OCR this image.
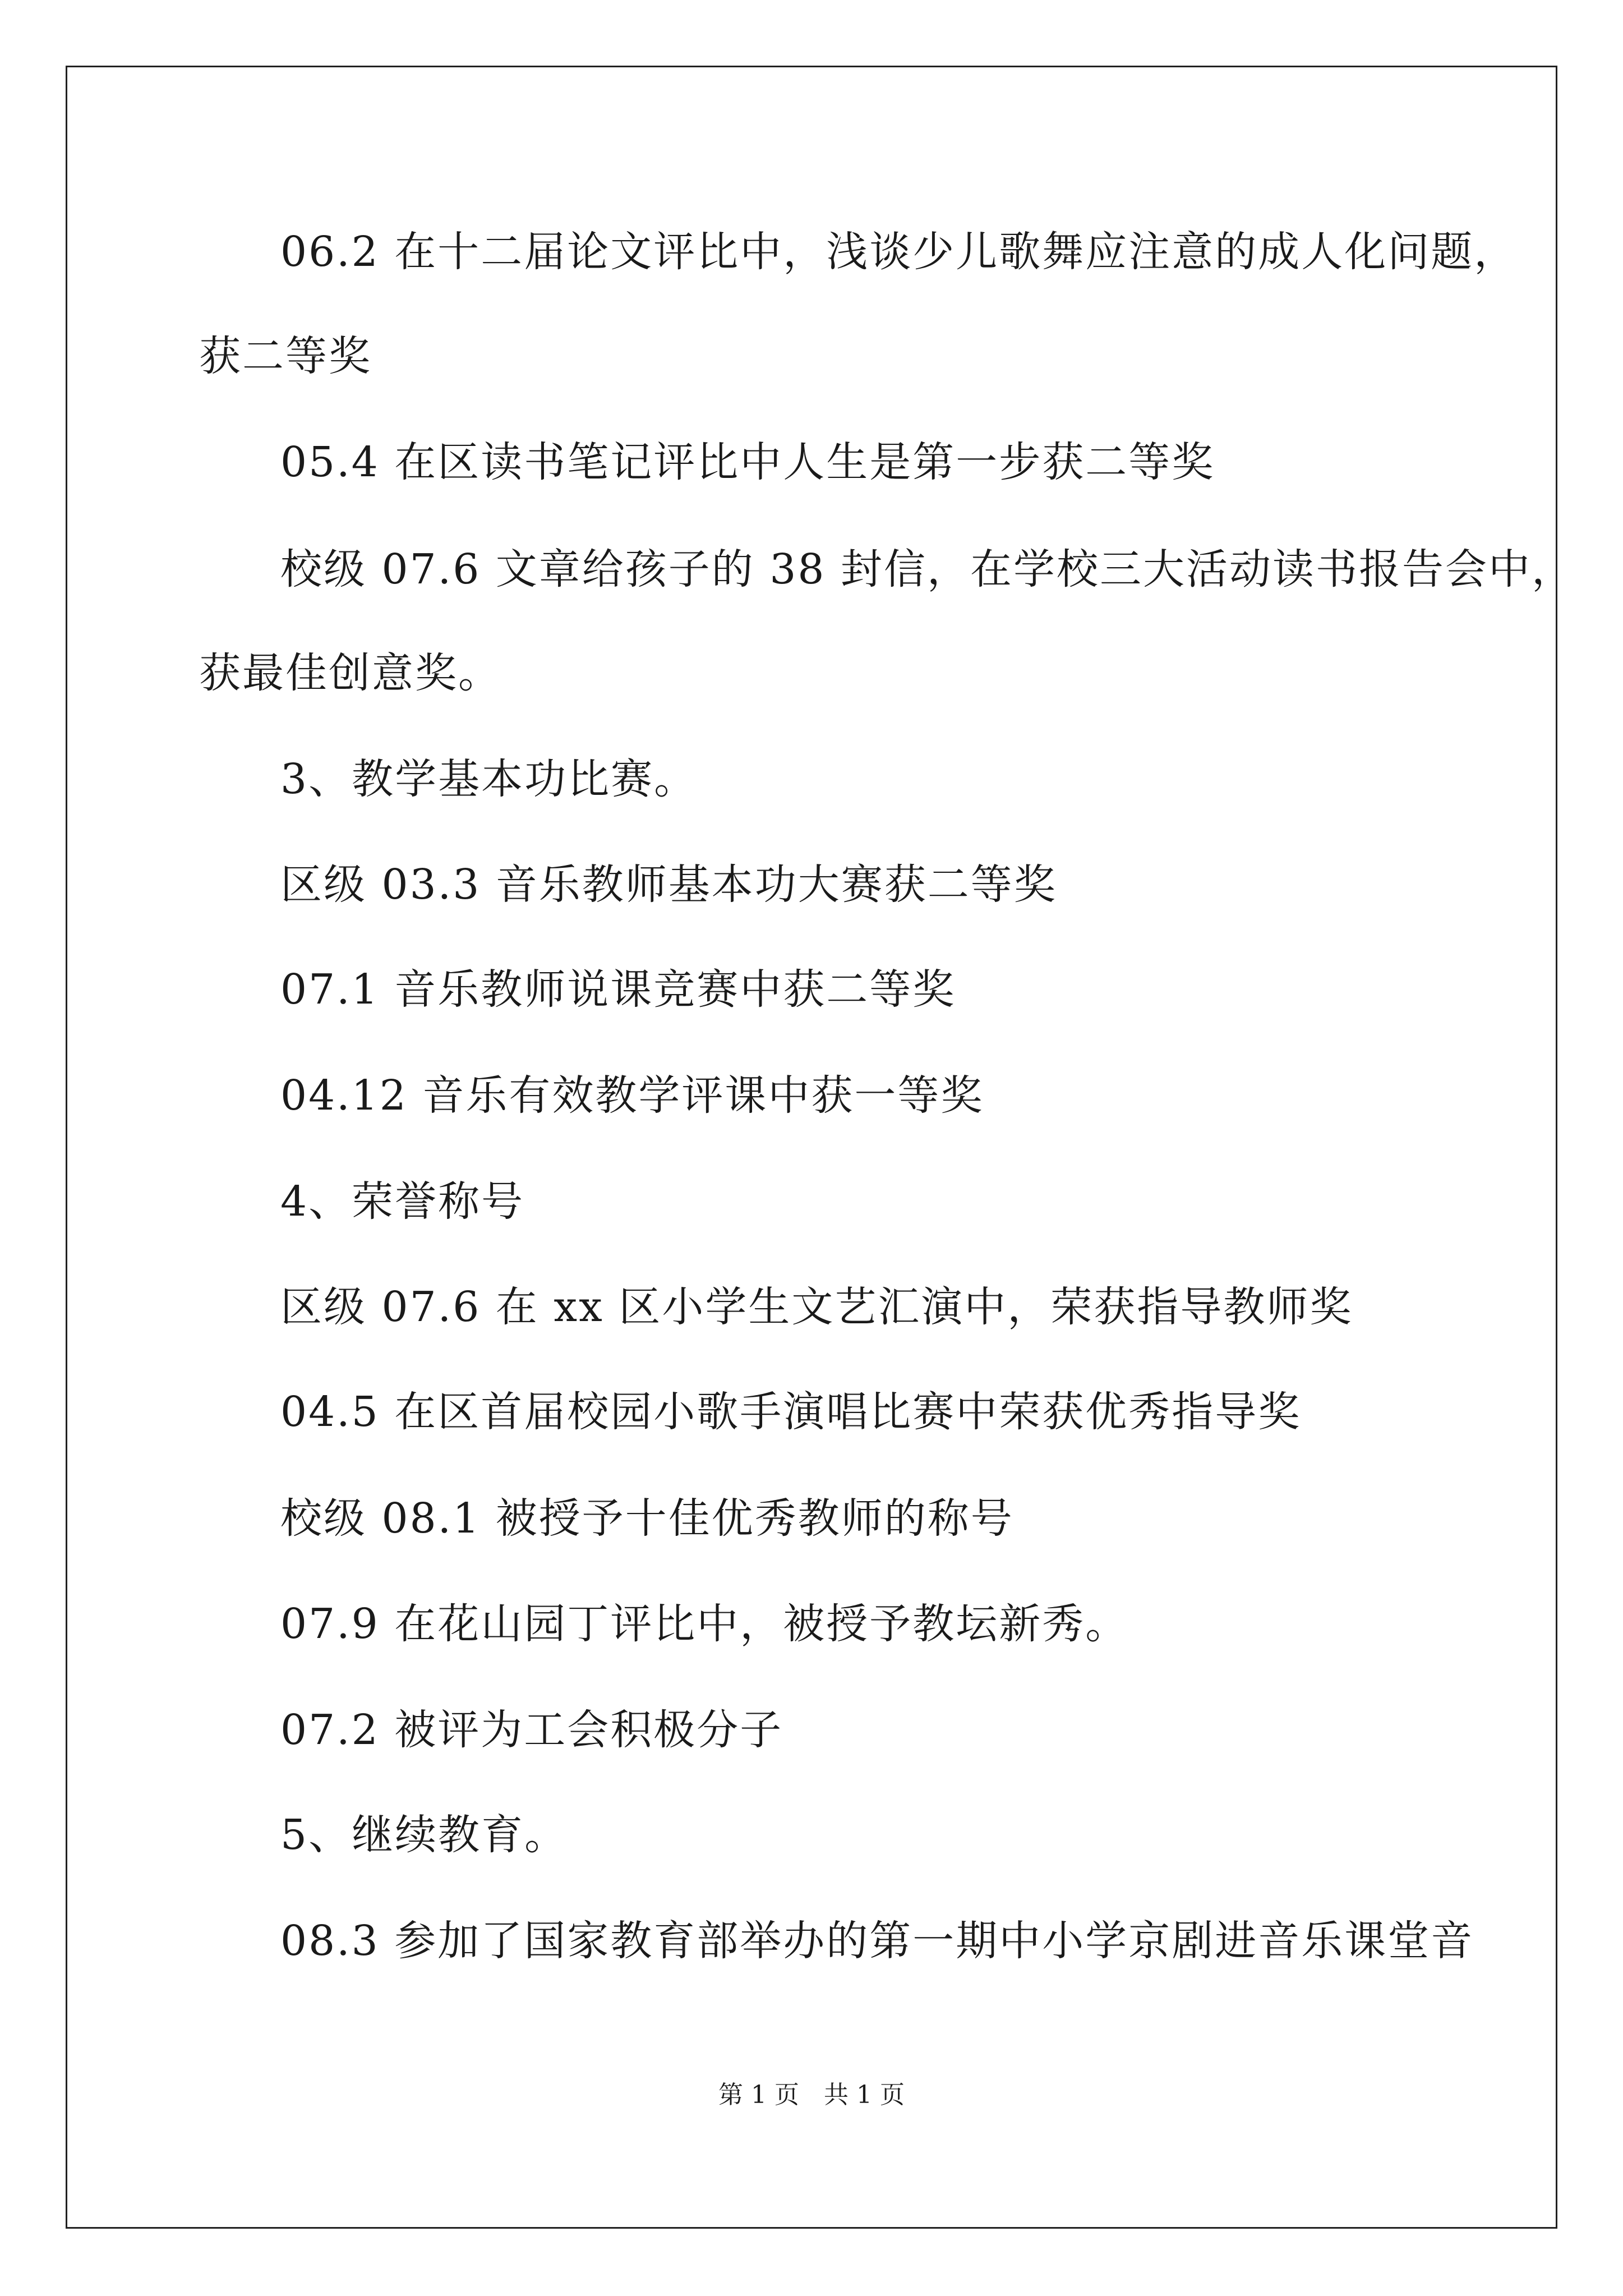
06.2 在十二届论文评比中，浅谈少儿歌舞应注意的成人化问题，
获二等奖
05.4 在区读书笔记评比中人生是第一步获二等奖
校级 07.6 文章给孩子的 38 封信，在学校三大活动读书报告会中，
获最佳创意奖。
3、教学基本功比赛。
区级 03.3 音乐教师基本功大赛获二等奖
07.1 音乐教师说课竞赛中获二等奖
04.12 音乐有效教学评课中获一等奖
4、荣誉称号
区级 07.6 在 xx 区小学生文艺汇演中，荣获指导教师奖
04.5 在区首届校园小歌手演唱比赛中荣获优秀指导奖
校级 08.1 被授予十佳优秀教师的称号
07.9 在花山园丁评比中，被授予教坛新秀。
07.2 被评为工会积极分子
5、继续教育。
08.3 参加了国家教育部举办的第一期中小学京剧进音乐课堂音
第 1 页 共 1 页
